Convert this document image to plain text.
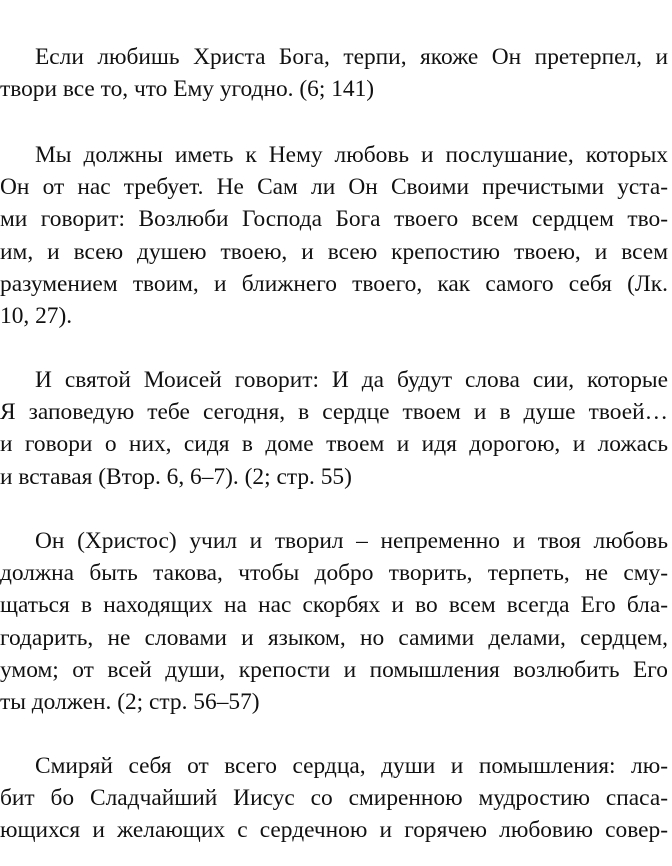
Если любишь Христа Бога, терпи, якоже Он претерпел, и
твори все то, что Ему угодно. (6; 141)
Мы должны иметь к Нему любовь и послушание, которых
Он от нас требует. Не Сам ли Он Своими пречистыми уста-
ми говорит: Возлюби Господа Бога твоего всем сердцем тво-
им, и всею душею твоею, и всею крепостию твоею, и всем
разумением твоим, и ближнего твоего, как самого себя (Лк.
10, 27).
И святой Моисей говорит: И да будут слова сии, которые
Я заповедую тебе сегодня, в сердце твоем и в душе твоей…
и говори о них, сидя в доме твоем и идя дорогою, и ложась
и вставая (Втор. 6, 6–7). (2; стр. 55)
Он (Христос) учил и творил – непременно и твоя любовь
должна быть такова, чтобы добро творить, терпеть, не сму-
щаться в находящих на нас скорбях и во всем всегда Его бла-
годарить, не словами и языком, но самими делами, сердцем,
умом; от всей души, крепости и помышления возлюбить Его
ты должен. (2; стр. 56–57)
Смиряй себя от всего сердца, души и помышления: лю-
бит бо Сладчайший Иисус со смиренною мудростию спаса-
ющихся и желающих с сердечною и горячею любовию совер-
